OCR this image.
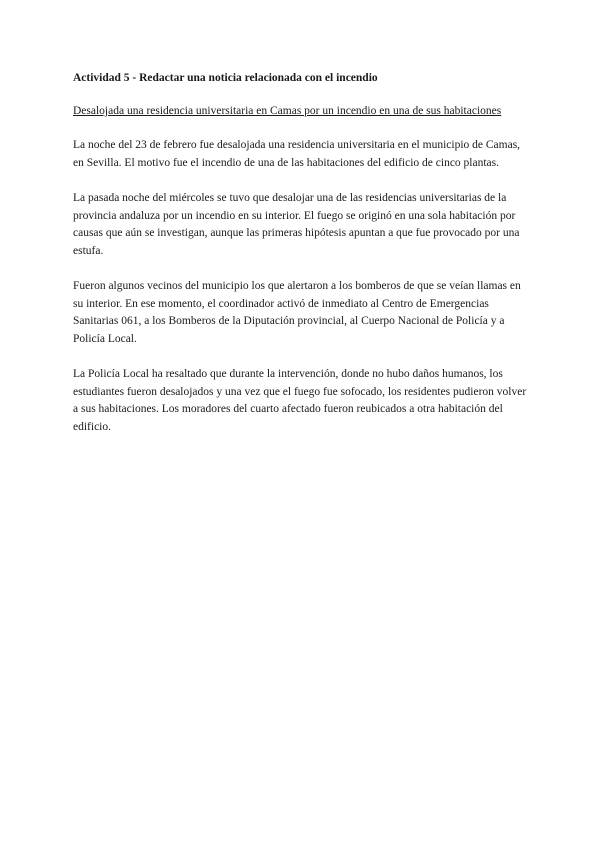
Actividad 5 - Redactar una noticia relacionada con el incendio

Desalojada una residencia universitaria en Camas por un incendio en una de sus habitaciones

La noche del 23 de febrero fue desalojada una residencia universitaria en el municipio de Camas, en Sevilla. El motivo fue el incendio de una de las habitaciones del edificio de cinco plantas.

La pasada noche del miércoles se tuvo que desalojar una de las residencias universitarias de la provincia andaluza por un incendio en su interior. El fuego se originó en una sola habitación por causas que aún se investigan, aunque las primeras hipótesis apuntan a que fue provocado por una estufa.

Fueron algunos vecinos del municipio los que alertaron a los bomberos de que se veían llamas en su interior. En ese momento, el coordinador activó de inmediato al Centro de Emergencias Sanitarias 061, a los Bomberos de la Diputación provincial, al Cuerpo Nacional de Policía y a Policía Local.

La Policía Local ha resaltado que durante la intervención, donde no hubo daños humanos, los estudiantes fueron desalojados y una vez que el fuego fue sofocado, los residentes pudieron volver a sus habitaciones. Los moradores del cuarto afectado fueron reubicados a otra habitación del edificio.
